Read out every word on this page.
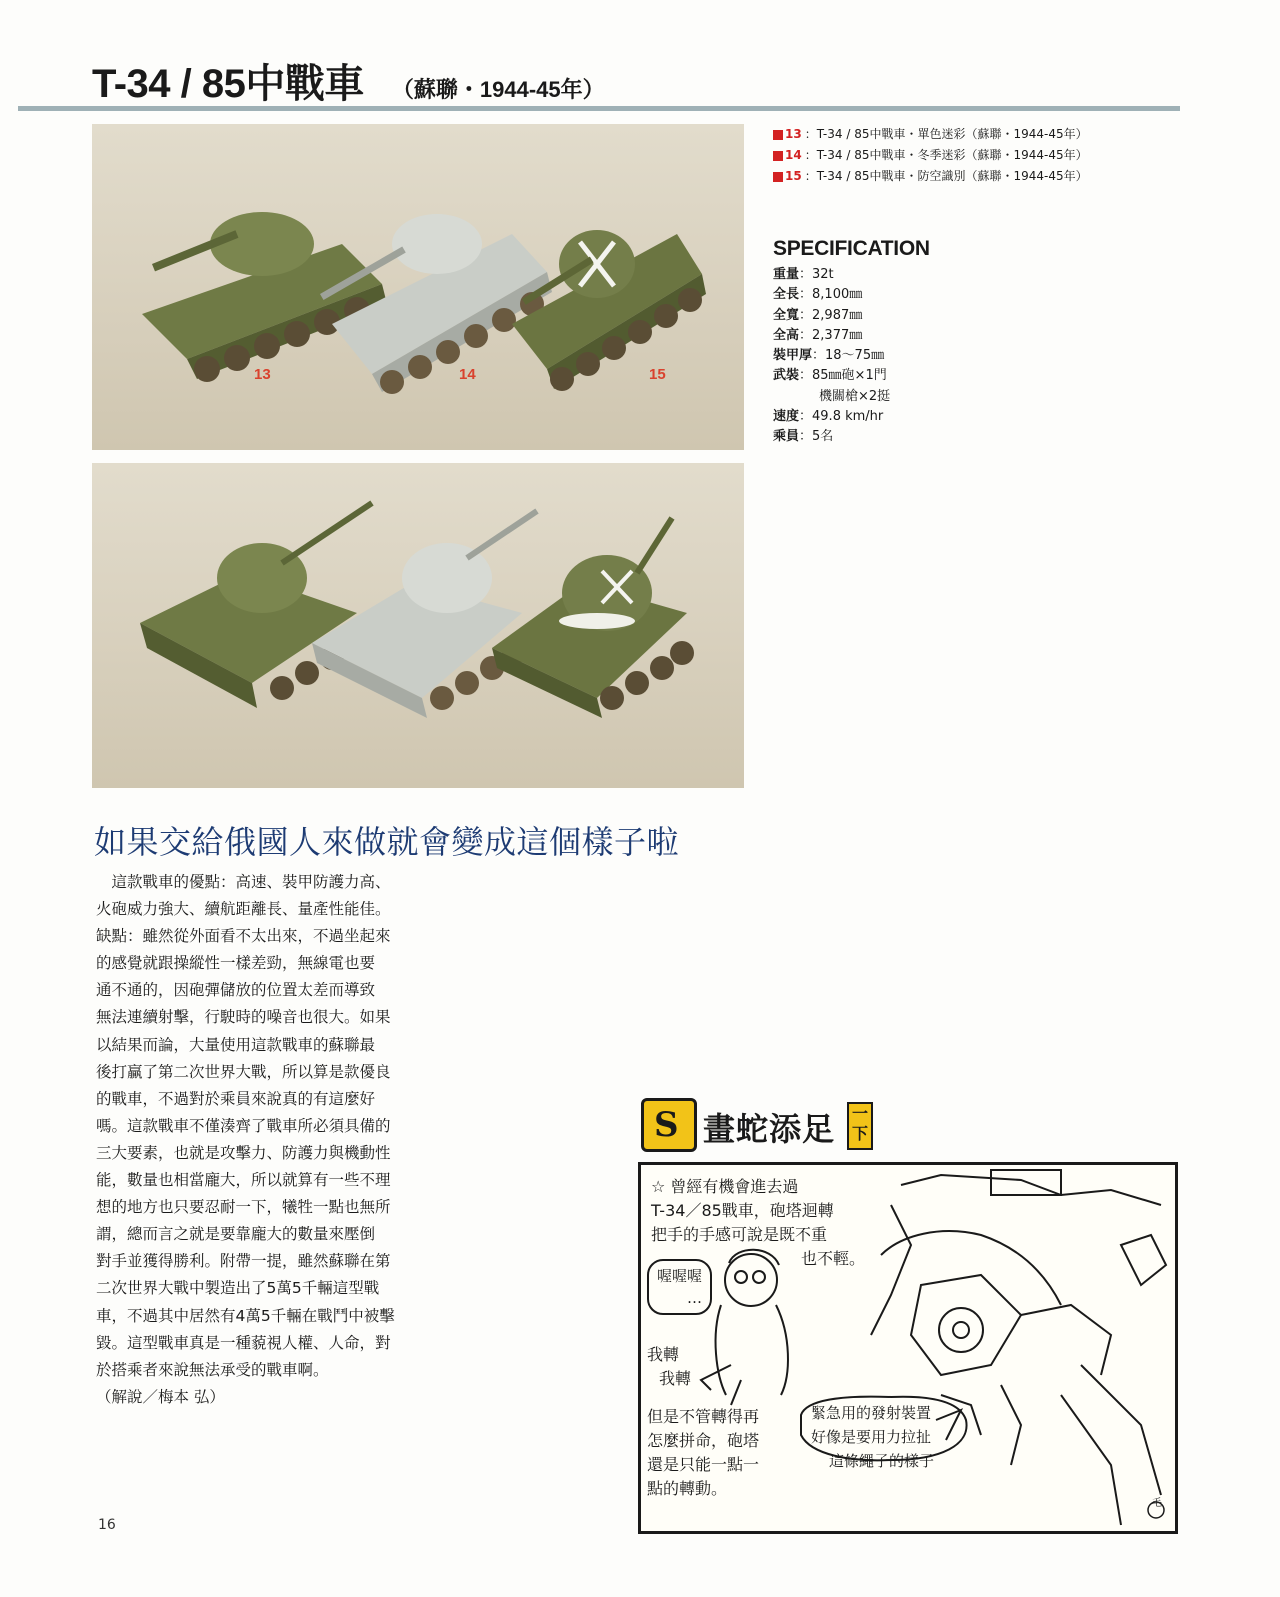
T-34 / 85中戰車 （蘇聯・1944-45年）
13	14	15
13 ：T-34 / 85中戰車・單色迷彩（蘇聯・1944-45年）
14 ：T-34 / 85中戰車・冬季迷彩（蘇聯・1944-45年）
15 ：T-34 / 85中戰車・防空識別（蘇聯・1944-45年）
SPECIFICATION
重量 ：32t
全長 ：8,100㎜
全寬 ：2,987㎜
全高 ：2,377㎜
裝甲厚 ：18〜75㎜
武裝 ：85㎜砲×1門
機關槍×2挺
速度 ：49.8 km/hr
乘員 ：5名
如果交給俄國人來做就會變成這個樣子啦
　這款戰車的優點：高速、裝甲防護力高、
火砲威力強大、續航距離長、量產性能佳。
缺點：雖然從外面看不太出來，不過坐起來
的感覺就跟操縱性一樣差勁，無線電也要
通不通的，因砲彈儲放的位置太差而導致
無法連續射擊，行駛時的噪音也很大。如果
以結果而論，大量使用這款戰車的蘇聯最
後打贏了第二次世界大戰，所以算是款優良
的戰車，不過對於乘員來說真的有這麼好
嗎。這款戰車不僅湊齊了戰車所必須具備的
三大要素，也就是攻擊力、防護力與機動性
能，數量也相當龐大，所以就算有一些不理
想的地方也只要忍耐一下，犧牲一點也無所
謂，總而言之就是要靠龐大的數量來壓倒
對手並獲得勝利。附帶一提，雖然蘇聯在第
二次世界大戰中製造出了5萬5千輛這型戰
車，不過其中居然有4萬5千輛在戰鬥中被擊
毀。這型戰車真是一種藐視人權、人命，對
於搭乘者來說無法承受的戰車啊。
（解說／梅本 弘）
S 畫蛇添足	一下
☆ 曾經有機會進去過
T-34／85戰車，砲塔迴轉
把手的手感可說是既不重
也不輕。
喔喔喔
…
我轉
我轉
但是不管轉得再
怎麼拼命，砲塔
還是只能一點一
點的轉動。
緊急用的發射裝置
好像是要用力拉扯
這條繩子的樣子
毛
16
